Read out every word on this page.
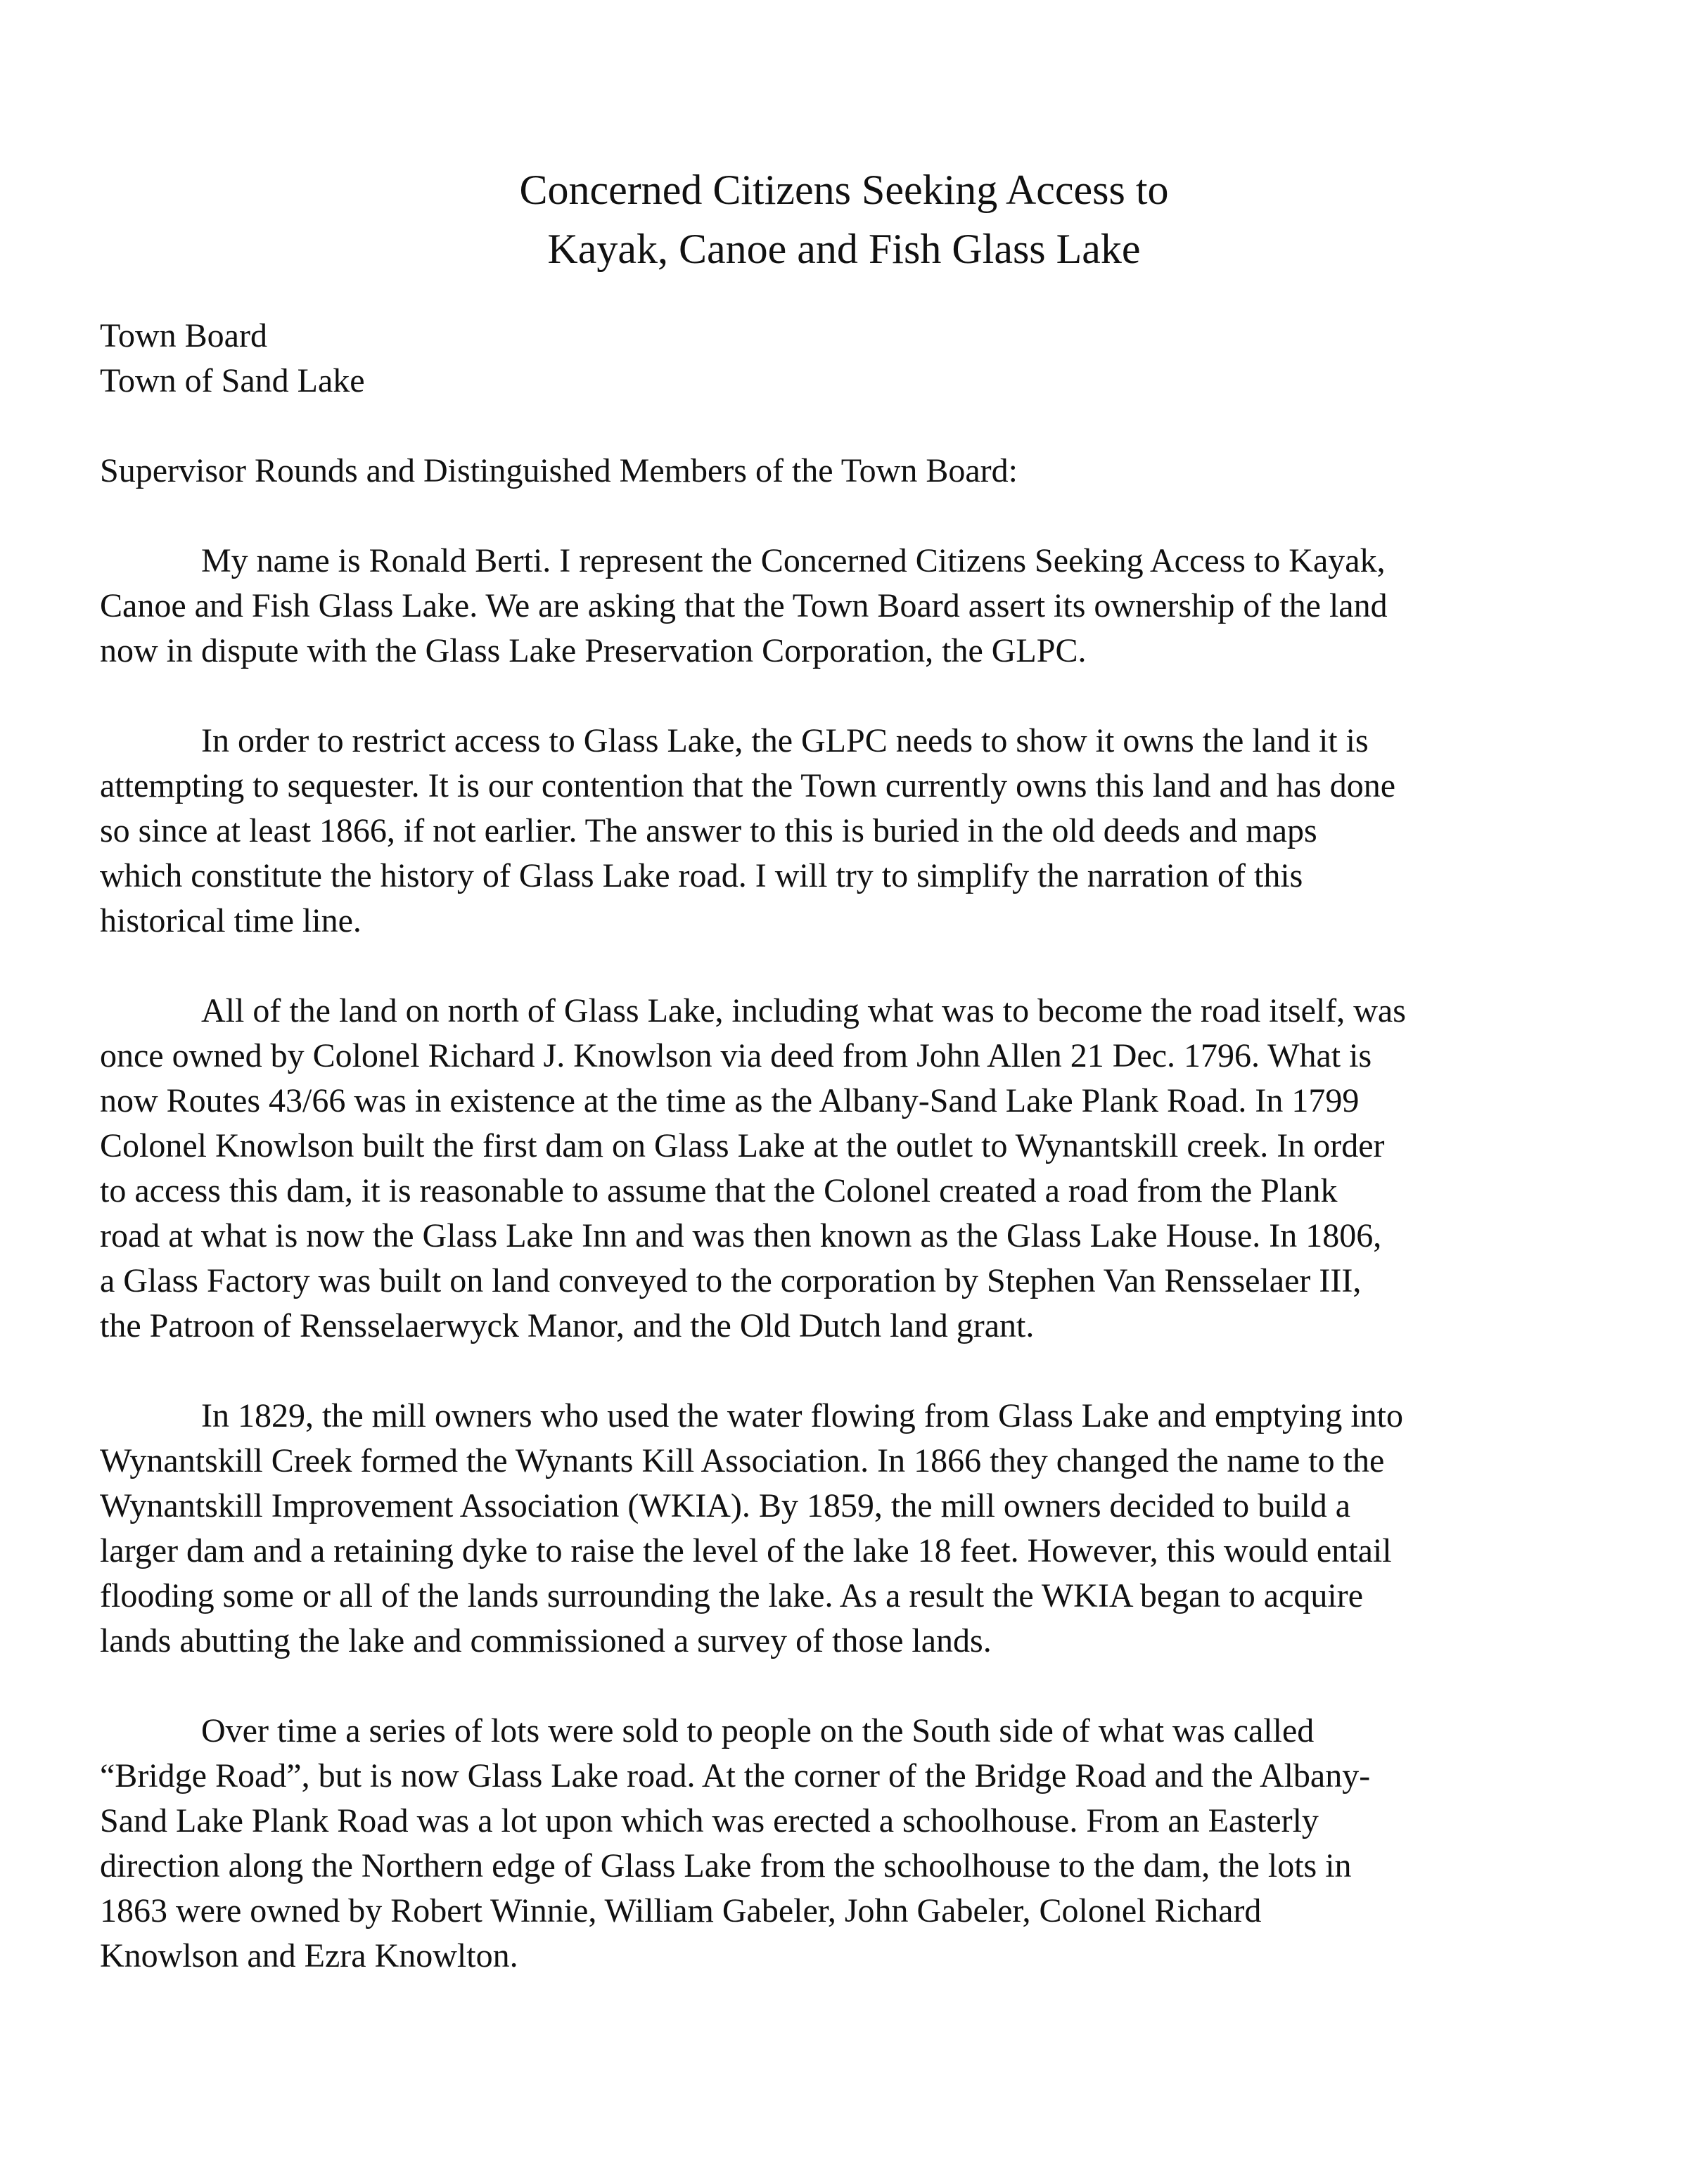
Concerned Citizens Seeking Access to
Kayak, Canoe and Fish Glass Lake
Town Board
Town of Sand Lake
Supervisor Rounds and Distinguished Members of the Town Board:
My name is Ronald Berti. I represent the Concerned Citizens Seeking Access to Kayak,
Canoe and Fish Glass Lake. We are asking that the Town Board assert its ownership of the land
now in dispute with the Glass Lake Preservation Corporation, the GLPC.
In order to restrict access to Glass Lake, the GLPC needs to show it owns the land it is
attempting to sequester. It is our contention that the Town currently owns this land and has done
so since at least 1866, if not earlier. The answer to this is buried in the old deeds and maps
which constitute the history of Glass Lake road. I will try to simplify the narration of this
historical time line.
All of the land on north of Glass Lake, including what was to become the road itself, was
once owned by Colonel Richard J. Knowlson via deed from John Allen 21 Dec. 1796. What is
now Routes 43/66 was in existence at the time as the Albany-Sand Lake Plank Road. In 1799
Colonel Knowlson built the first dam on Glass Lake at the outlet to Wynantskill creek. In order
to access this dam, it is reasonable to assume that the Colonel created a road from the Plank
road at what is now the Glass Lake Inn and was then known as the Glass Lake House. In 1806,
a Glass Factory was built on land conveyed to the corporation by Stephen Van Rensselaer III,
the Patroon of Rensselaerwyck Manor, and the Old Dutch land grant.
In 1829, the mill owners who used the water flowing from Glass Lake and emptying into
Wynantskill Creek formed the Wynants Kill Association. In 1866 they changed the name to the
Wynantskill Improvement Association (WKIA). By 1859, the mill owners decided to build a
larger dam and a retaining dyke to raise the level of the lake 18 feet. However, this would entail
flooding some or all of the lands surrounding the lake. As a result the WKIA began to acquire
lands abutting the lake and commissioned a survey of those lands.
Over time a series of lots were sold to people on the South side of what was called
“Bridge Road”, but is now Glass Lake road. At the corner of the Bridge Road and the Albany-
Sand Lake Plank Road was a lot upon which was erected a schoolhouse. From an Easterly
direction along the Northern edge of Glass Lake from the schoolhouse to the dam, the lots in
1863 were owned by Robert Winnie, William Gabeler, John Gabeler, Colonel Richard
Knowlson and Ezra Knowlton.
